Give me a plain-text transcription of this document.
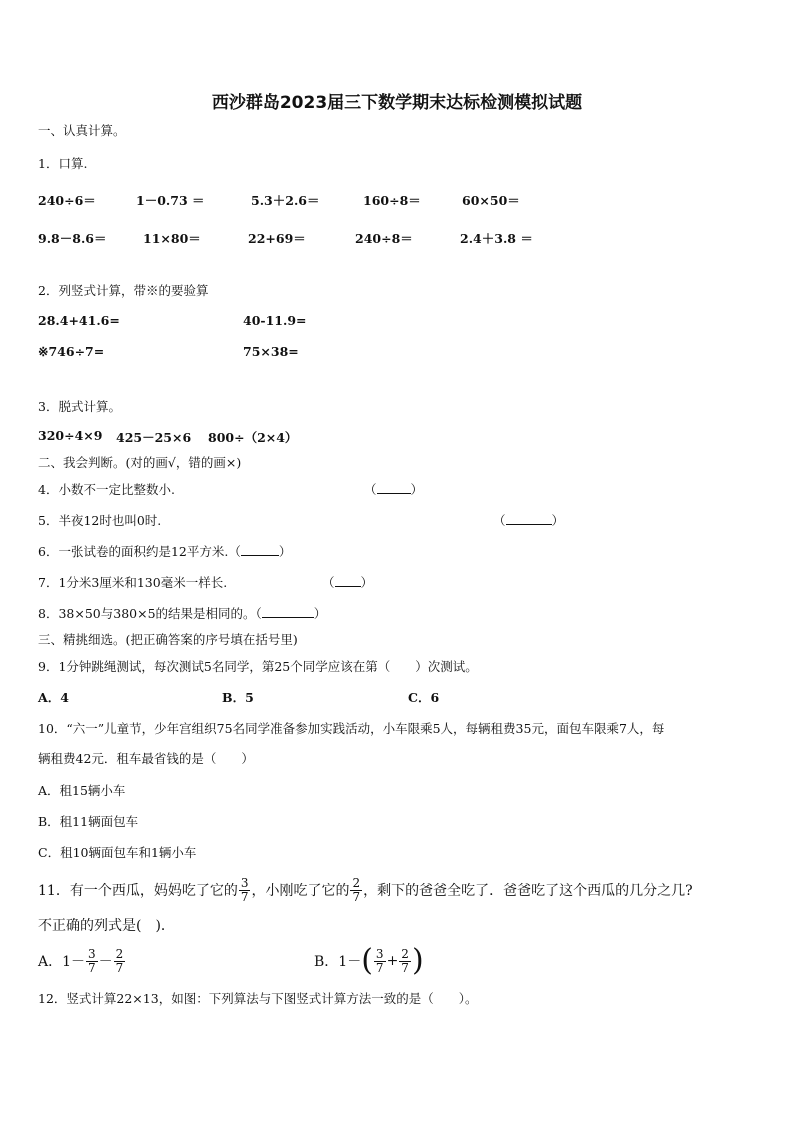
西沙群岛2023届三下数学期末达标检测模拟试题
一、认真计算。
1．口算.
240÷6＝	1－0.73 ＝	5.3＋2.6＝	160÷8＝	60×50＝
9.8－8.6＝	11×80＝	22+69＝	240÷8＝	2.4＋3.8 ＝
2．列竖式计算，带※的要验算
28.4+41.6=	40-11.9=
※746÷7=	75×38=
3．脱式计算。
320÷4×9 425－25×6 800÷（2×4）
二、我会判断。(对的画√，错的画×)
4．小数不一定比整数小.	（	）
5．半夜12时也叫0时.	（	）
6．一张试卷的面积约是12平方米.（	）
7．1分米3厘米和130毫米一样长.	（ ）
8．38×50与380×5的结果是相同的。（	）
三、精挑细选。(把正确答案的序号填在括号里)
9．1分钟跳绳测试，每次测试5名同学，第25个同学应该在第（　　）次测试。
A．4	B．5	C．6
10．“六一”儿童节，少年宫组织75名同学准备参加实践活动，小车限乘5人，每辆租费35元，面包车限乘7人，每
辆租费42元．租车最省钱的是（　　）
A．租15辆小车
B．租11辆面包车
C．租10辆面包车和1辆小车
11．有一个西瓜，妈妈吃了它的 $\frac{3}{7}$ ，小刚吃了它的 $\frac{2}{7}$ ，剩下的爸爸全吃了．爸爸吃了这个西瓜的几分之几?
不正确的列式是(　)．
A．$1- \frac{3}{7} - \frac{2}{7}$	B．1－ ( $\frac{3}{7} + \frac{2}{7}$ )
12．竖式计算22×13，如图：下列算法与下图竖式计算方法一致的是（　　）。
